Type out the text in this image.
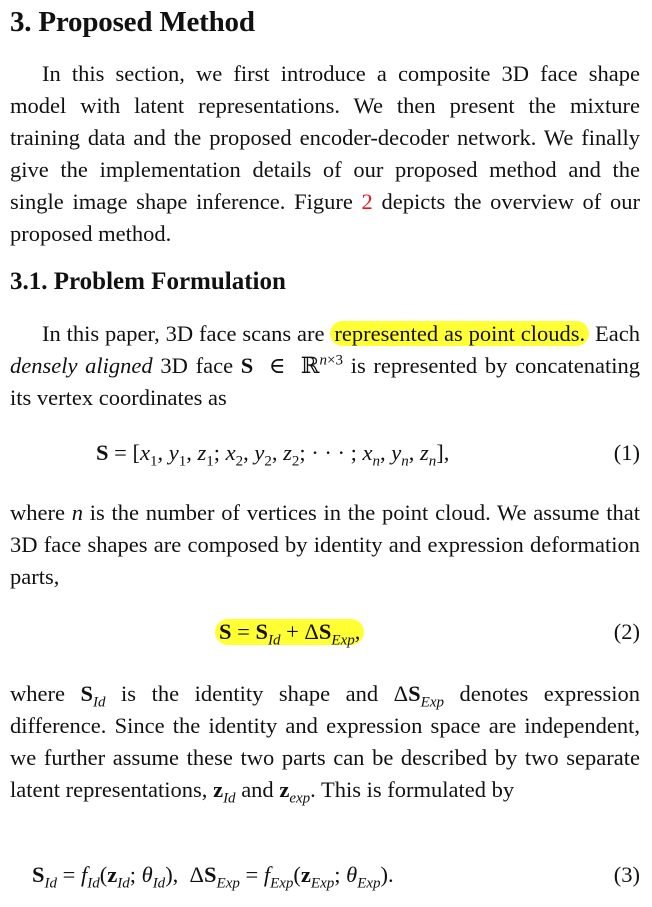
3. Proposed Method

In this section, we first introduce a composite 3D face shape model with latent representations. We then present the mixture training data and the proposed encoder-decoder network. We finally give the implementation details of our proposed method and the single image shape inference. Figure 2 depicts the overview of our proposed method.

3.1. Problem Formulation

In this paper, 3D face scans are represented as point clouds. Each densely aligned 3D face S  ∈  ℝ$^{n\times 3}$ is represented by concatenating its vertex coordinates as

$S = [x_1$, $y_1$, $z_1$; $x_2$, $y_2$, $z_2$; · · · ; $x_n$, $y_n$, $z_n$],	(1)

where n is the number of vertices in the point cloud. We assume that 3D face shapes are composed by identity and expression deformation parts,

$S = S_{Id} + \Delta S_{Exp}$,	(2)

where $S_{Id}$ is the identity shape and $\Delta S_{Exp}$ denotes expression difference. Since the identity and expression space are independent, we further assume these two parts can be described by two separate latent representations, $z_{Id}$ and $z_{exp}$. This is formulated by

$S_{Id} = f_{Id}(z_{Id}$; $\theta_{Id}$),  $\Delta S_{Exp} = f_{Exp}(z_{Exp}$; $\theta_{Exp}$).	(3)
